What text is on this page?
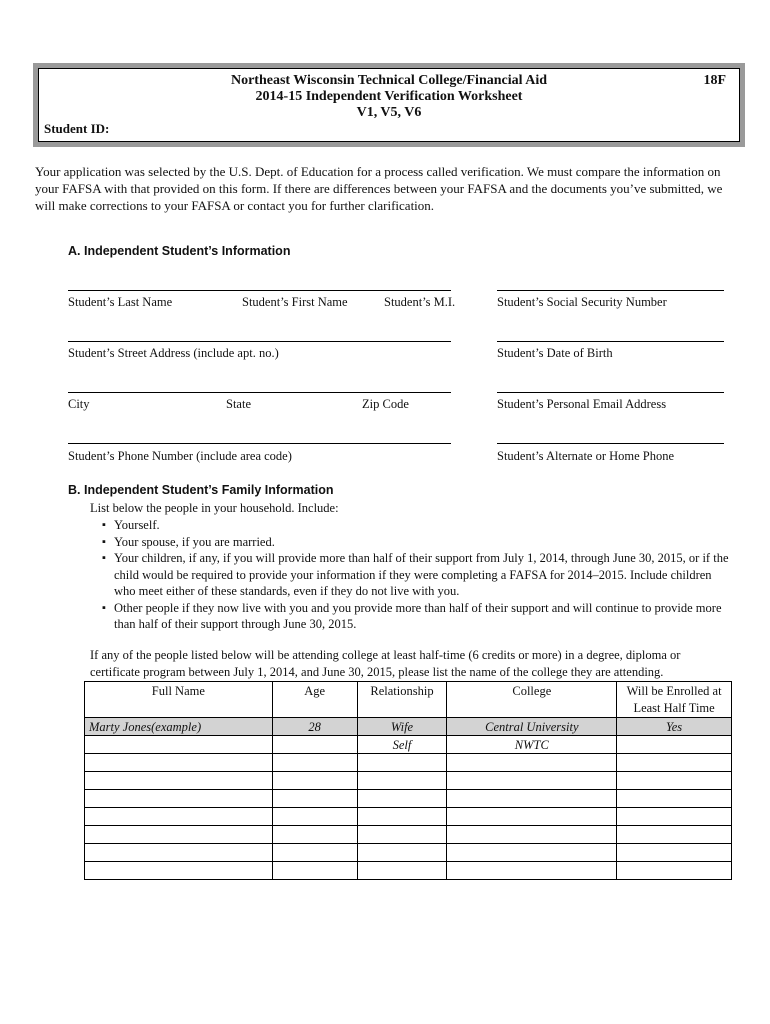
Northeast Wisconsin Technical College/Financial Aid
2014-15 Independent Verification Worksheet
V1, V5, V6
18F
Student ID:
Your application was selected by the U.S. Dept. of Education for a process called verification. We must compare the information on your FAFSA with that provided on this form. If there are differences between your FAFSA and the documents you’ve submitted, we will make corrections to your FAFSA or contact you for further clarification.
A. Independent Student’s Information
Student’s Last Name	Student’s First Name	Student’s M.I.	Student’s Social Security Number
Student’s Street Address (include apt. no.)	Student’s Date of Birth
City	State	Zip Code	Student’s Personal Email Address
Student’s Phone Number (include area code)	Student’s Alternate or Home Phone
B. Independent Student’s Family Information
List below the people in your household. Include:
▪ Yourself.
▪ Your spouse, if you are married.
▪ Your children, if any, if you will provide more than half of their support from July 1, 2014, through June 30, 2015, or if the child would be required to provide your information if they were completing a FAFSA for 2014–2015. Include children who meet either of these standards, even if they do not live with you.
▪ Other people if they now live with you and you provide more than half of their support and will continue to provide more than half of their support through June 30, 2015.
If any of the people listed below will be attending college at least half-time (6 credits or more) in a degree, diploma or certificate program between July 1, 2014, and June 30, 2015, please list the name of the college they are attending.
Full Name	Age	Relationship	College	Will be Enrolled at Least Half Time
Marty Jones(example)	28	Wife	Central University	Yes
		Self	NWTC	
